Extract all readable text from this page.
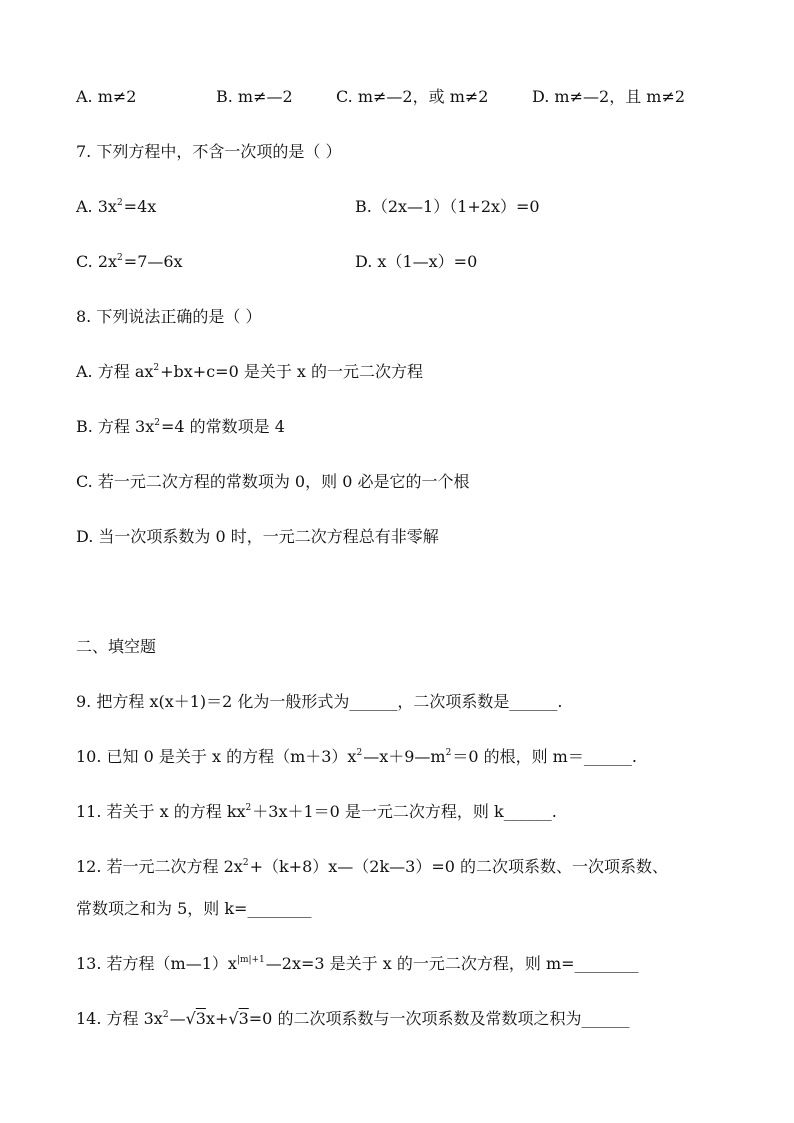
A. m≠2	B. m≠—2	C. m≠—2，或 m≠2	D. m≠—2，且 m≠2
7. 下列方程中，不含一次项的是（ ）
A. $3x^2=4x$	B.（2x—1）（1+2x）=0
C. $2x^2=7—6x$	D. x（1—x）=0
8. 下列说法正确的是（ ）
A. 方程 $ax^2+bx+c=0$ 是关于 x 的一元二次方程
B. 方程 $3x^2=4$ 的常数项是 4
C. 若一元二次方程的常数项为 0，则 0 必是它的一个根
D. 当一次项系数为 0 时，一元二次方程总有非零解
二、填空题
9. 把方程 x(x＋1)＝2 化为一般形式为______，二次项系数是______.
10. 已知 0 是关于 x 的方程$(m+3)x^2—x+9—m^2=0$ 的根，则 m＝______.
11. 若关于 x 的方程 $kx^2+3x+1=0$ 是一元二次方程，则 k______.
12. 若一元二次方程 $2x^2+(k+8)x—(2k—3)=0$ 的二次项系数、一次项系数、
常数项之和为 5，则 k=________
13. 若方程$(m—1)x^{|m|+1}—2x=3$ 是关于 x 的一元二次方程，则 m=________
14. 方程 $3x^2—√3x+√3=0$ 的二次项系数与一次项系数及常数项之积为______
